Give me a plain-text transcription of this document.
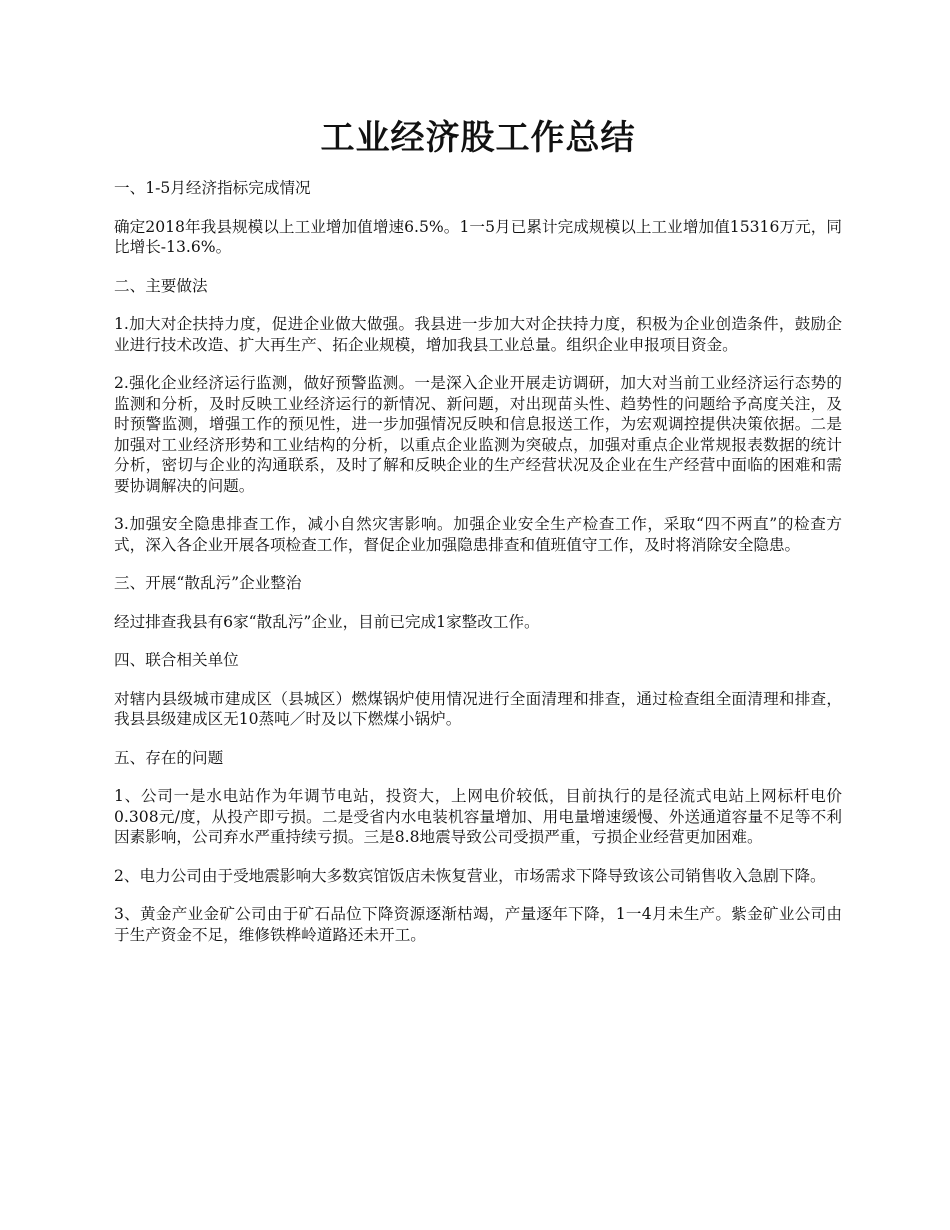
工业经济股工作总结

一、1-5月经济指标完成情况

确定2018年我县规模以上工业增加值增速6.5%。1一5月已累计完成规模以上工业增加值15316万元，同比增长-13.6%。

二、主要做法

1.加大对企扶持力度，促进企业做大做强。我县进一步加大对企扶持力度，积极为企业创造条件，鼓励企业进行技术改造、扩大再生产、拓企业规模，增加我县工业总量。组织企业申报项目资金。

2.强化企业经济运行监测，做好预警监测。一是深入企业开展走访调研，加大对当前工业经济运行态势的监测和分析，及时反映工业经济运行的新情况、新问题，对出现苗头性、趋势性的问题给予高度关注，及时预警监测，增强工作的预见性，进一步加强情况反映和信息报送工作，为宏观调控提供决策依据。二是加强对工业经济形势和工业结构的分析，以重点企业监测为突破点，加强对重点企业常规报表数据的统计分析，密切与企业的沟通联系，及时了解和反映企业的生产经营状况及企业在生产经营中面临的困难和需要协调解决的问题。

3.加强安全隐患排查工作，减小自然灾害影响。加强企业安全生产检查工作，采取“四不两直”的检查方式，深入各企业开展各项检查工作，督促企业加强隐患排查和值班值守工作，及时将消除安全隐患。

三、开展“散乱污”企业整治

经过排查我县有6家“散乱污”企业，目前已完成1家整改工作。

四、联合相关单位

对辖内县级城市建成区（县城区）燃煤锅炉使用情况进行全面清理和排查，通过检查组全面清理和排查，我县县级建成区无10蒸吨／时及以下燃煤小锅炉。

五、存在的问题

1、公司一是水电站作为年调节电站，投资大，上网电价较低，目前执行的是径流式电站上网标杆电价0.308元/度，从投产即亏损。二是受省内水电装机容量增加、用电量增速缓慢、外送通道容量不足等不利因素影响，公司弃水严重持续亏损。三是8.8地震导致公司受损严重，亏损企业经营更加困难。

2、电力公司由于受地震影响大多数宾馆饭店未恢复营业，市场需求下降导致该公司销售收入急剧下降。

3、黄金产业金矿公司由于矿石品位下降资源逐渐枯竭，产量逐年下降，1一4月未生产。紫金矿业公司由于生产资金不足，维修铁桦岭道路还未开工。
